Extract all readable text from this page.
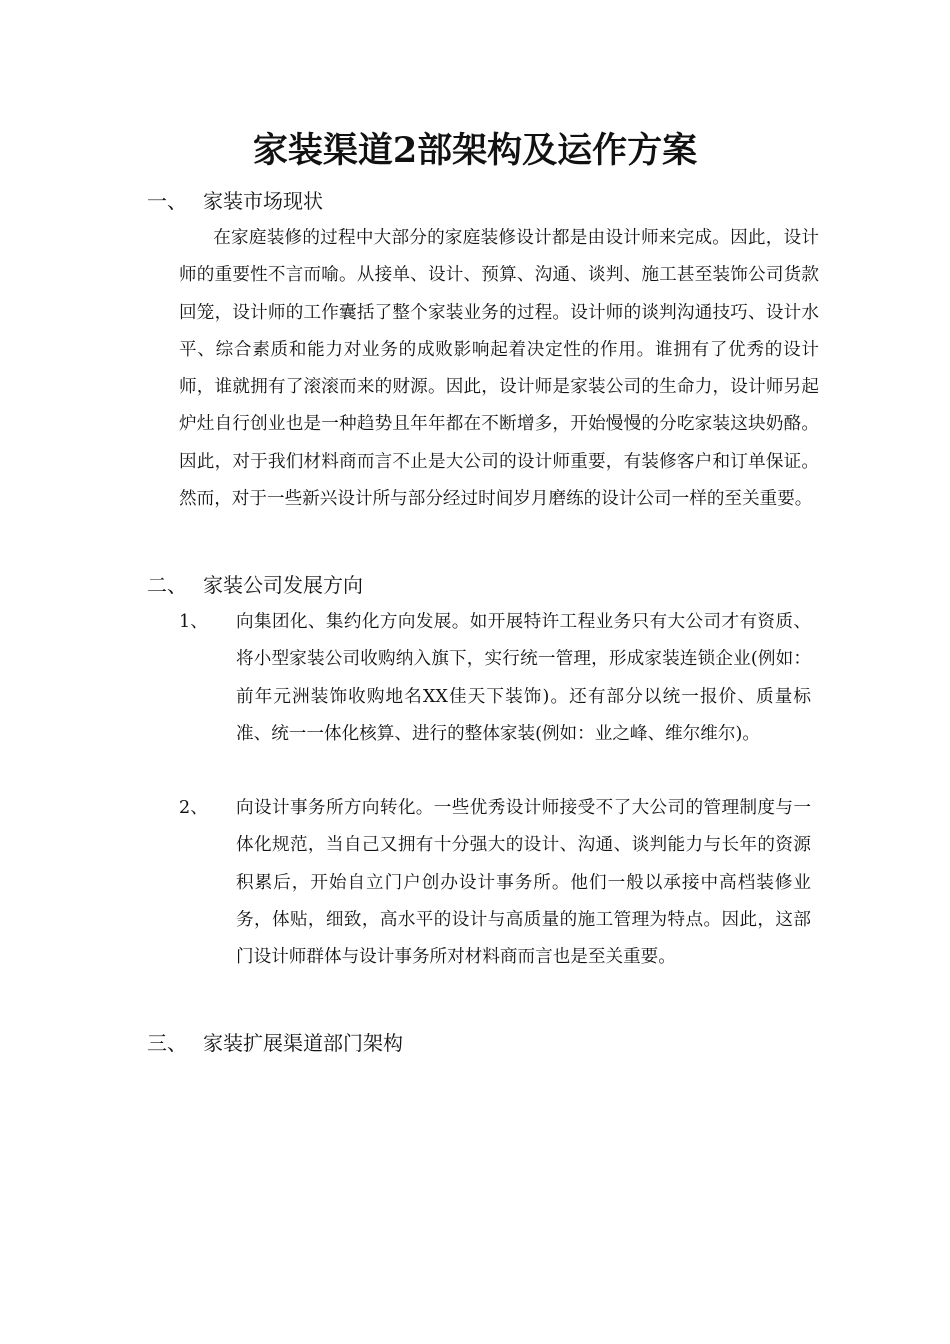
家装渠道2部架构及运作方案
一、 家装市场现状
在家庭装修的过程中大部分的家庭装修设计都是由设计师来完成。因此，设计师的重要性不言而喻。从接单、设计、预算、沟通、谈判、施工甚至装饰公司货款回笼，设计师的工作囊括了整个家装业务的过程。设计师的谈判沟通技巧、设计水平、综合素质和能力对业务的成败影响起着决定性的作用。谁拥有了优秀的设计师，谁就拥有了滚滚而来的财源。因此，设计师是家装公司的生命力，设计师另起炉灶自行创业也是一种趋势且年年都在不断增多，开始慢慢的分吃家装这块奶酪。因此，对于我们材料商而言不止是大公司的设计师重要，有装修客户和订单保证。然而，对于一些新兴设计所与部分经过时间岁月磨练的设计公司一样的至关重要。
二、 家装公司发展方向
1、 向集团化、集约化方向发展。如开展特许工程业务只有大公司才有资质、将小型家装公司收购纳入旗下，实行统一管理，形成家装连锁企业(例如：前年元洲装饰收购地名XX佳天下装饰)。还有部分以统一报价、质量标准、统一一体化核算、进行的整体家装(例如：业之峰、维尔维尔)。
2、 向设计事务所方向转化。一些优秀设计师接受不了大公司的管理制度与一体化规范，当自己又拥有十分强大的设计、沟通、谈判能力与长年的资源积累后，开始自立门户创办设计事务所。他们一般以承接中高档装修业务，体贴，细致，高水平的设计与高质量的施工管理为特点。因此，这部门设计师群体与设计事务所对材料商而言也是至关重要。
三、 家装扩展渠道部门架构
